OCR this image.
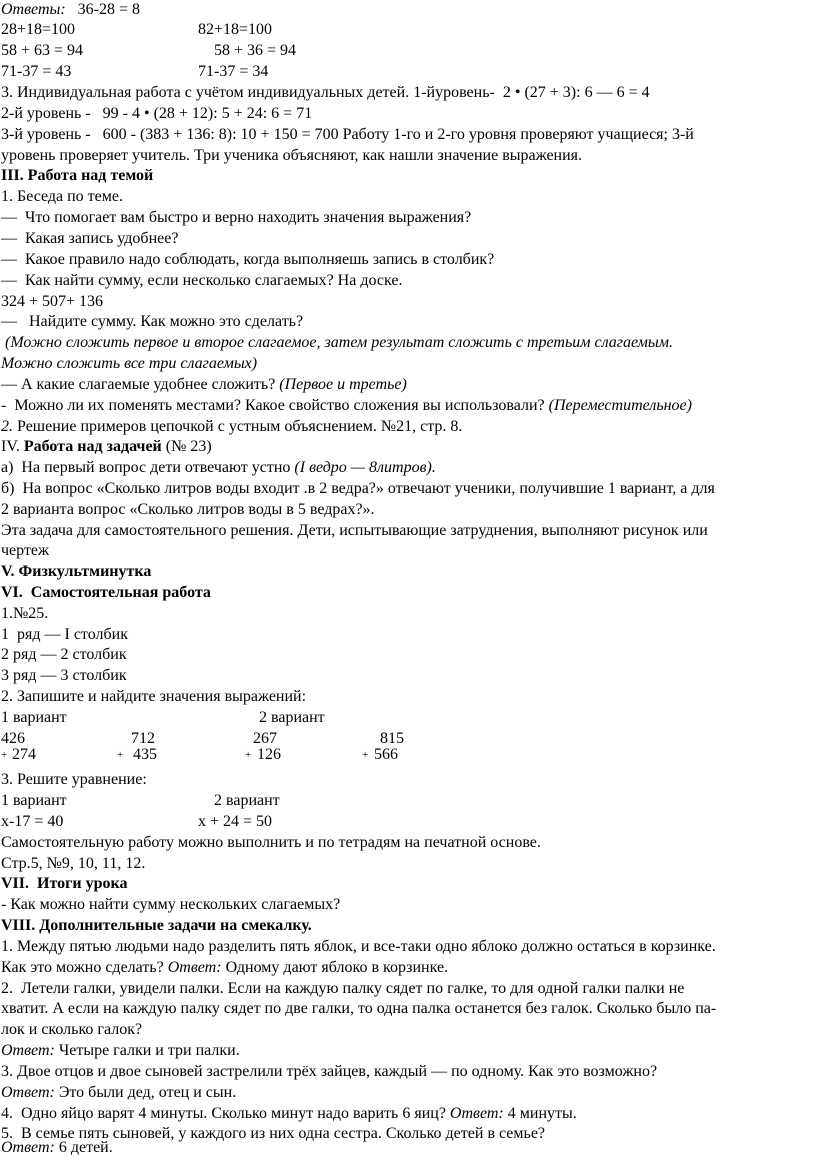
Ответы: 36-28 = 8
28+18=100	82+18=100
58 + 63 = 94	58 + 36 = 94
71-37 = 43	71-37 = 34
3. Индивидуальная работа с учётом индивидуальных детей. 1-йуровень-  2 • (27 + 3): 6 — 6 = 4
2-й уровень -   99 - 4 • (28 + 12): 5 + 24: 6 = 71
3-й уровень -   600 - (383 + 136: 8): 10 + 150 = 700 Работу 1-го и 2-го уровня проверяют учащиеся; 3-й
уровень проверяет учитель. Три ученика объясняют, как нашли значение выражения.
III. Работа над темой
1. Беседа по теме.
—  Что помогает вам быстро и верно находить значения выражения?
—  Какая запись удобнее?
—  Какое правило надо соблюдать, когда выполняешь запись в столбик?
—  Как найти сумму, если несколько слагаемых? На доске.
324 + 507+ 136
—   Найдите сумму. Как можно это сделать?
(Можно сложить первое и второе слагаемое, затем результат сложить с третьим слагаемым.
Можно сложить все три слагаемых)
— А какие слагаемые удобнее сложить? (Первое и третье)
-  Можно ли их поменять местами? Какое свойство сложения вы использовали? (Переместительное)
2. Решение примеров цепочкой с устным объяснением. №21, стр. 8.
IV. Работа над задачей (№ 23)
а)  На первый вопрос дети отвечают устно (I ведро — 8литров).
б)  На вопрос «Сколько литров воды входит .в 2 ведра?» отвечают ученики, получившие 1 вариант, а для
2 варианта вопрос «Сколько литров воды в 5 ведрах?».
Эта задача для самостоятельного решения. Дети, испытывающие затруднения, выполняют рисунок или
чертеж
V. Физкультминутка
VI.  Самостоятельная работа
1.№25.
1  ряд — I столбик
2 ряд — 2 столбик
3 ряд — 3 столбик
2. Запишите и найдите значения выражений:
1 вариант	2 вариант
426	712	267	815
+ 274	+ 435	+ 126	+ 566
3. Решите уравнение:
1 вариант	2 вариант
х-17 = 40	х + 24 = 50
Самостоятельную работу можно выполнить и по тетрадям на печатной основе.
Стр.5, №9, 10, 11, 12.
VII.  Итоги урока
- Как можно найти сумму нескольких слагаемых?
VIII. Дополнительные задачи на смекалку.
1. Между пятью людьми надо разделить пять яблок, и все-таки одно яблоко должно остаться в корзинке.
Как это можно сделать? Ответ: Одному дают яблоко в корзинке.
2.  Летели галки, увидели палки. Если на каждую палку сядет по галке, то для одной галки палки не
хватит. А если на каждую палку сядет по две галки, то одна палка останется без галок. Сколько было па-
лок и сколько галок?
Ответ: Четыре галки и три палки.
3. Двое отцов и двое сыновей застрелили трёх зайцев, каждый — по одному. Как это возможно?
Ответ: Это были дед, отец и сын.
4.  Одно яйцо варят 4 минуты. Сколько минут надо варить 6 яиц? Ответ: 4 минуты.
5.  В семье пять сыновей, у каждого из них одна сестра. Сколько детей в семье?
Ответ: 6 детей.
